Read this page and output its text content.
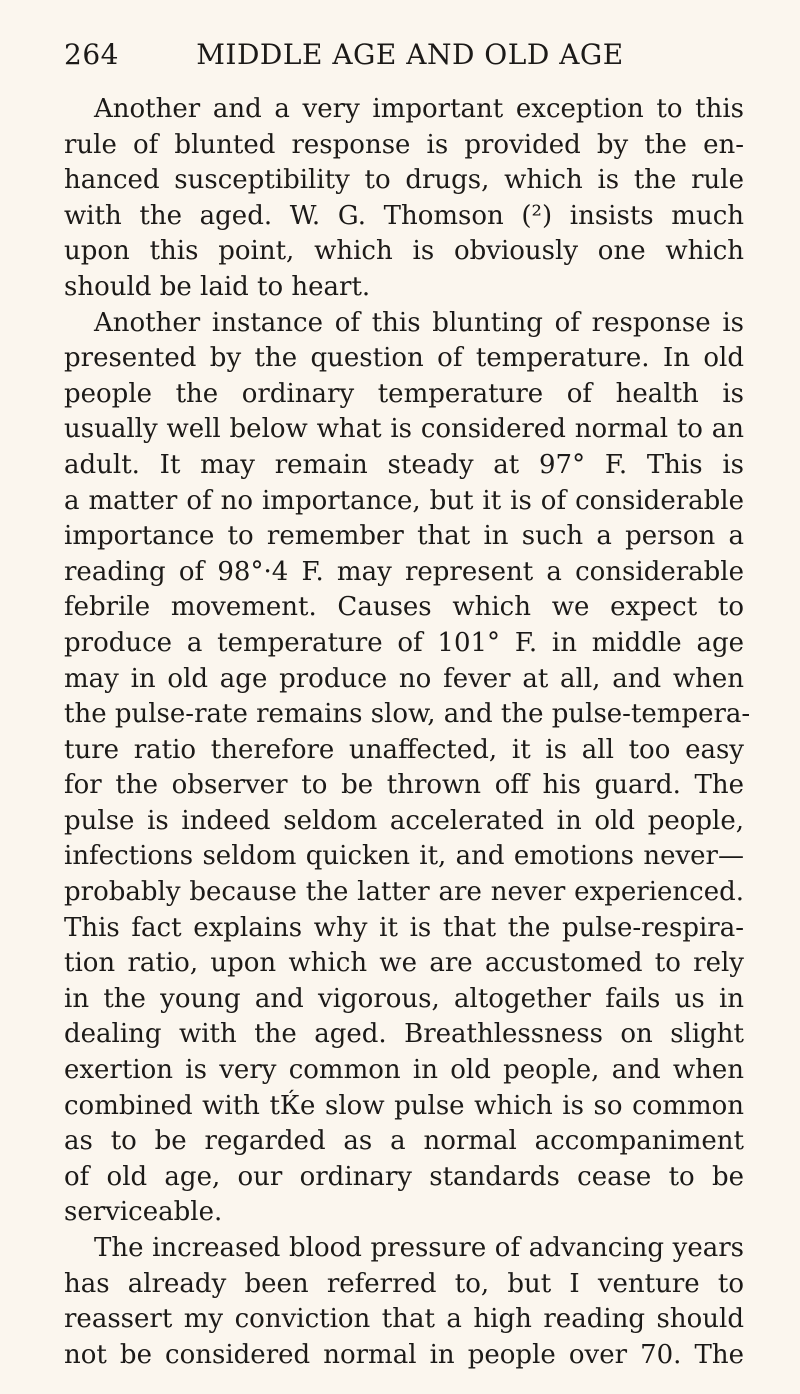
264	MIDDLE AGE AND OLD AGE
Another and a very important exception to this
rule of blunted response is provided by the en-
hanced susceptibility to drugs, which is the rule
with the aged. W. G. Thomson (²) insists much
upon this point, which is obviously one which
should be laid to heart.
Another instance of this blunting of response is
presented by the question of temperature. In old
people the ordinary temperature of health is
usually well below what is considered normal to an
adult. It may remain steady at 97° F. This is
a matter of no importance, but it is of considerable
importance to remember that in such a person a
reading of 98°·4 F. may represent a considerable
febrile movement. Causes which we expect to
produce a temperature of 101° F. in middle age
may in old age produce no fever at all, and when
the pulse-rate remains slow, and the pulse-tempera-
ture ratio therefore unaffected, it is all too easy
for the observer to be thrown off his guard. The
pulse is indeed seldom accelerated in old people,
infections seldom quicken it, and emotions never—
probably because the latter are never experienced.
This fact explains why it is that the pulse-respira-
tion ratio, upon which we are accustomed to rely
in the young and vigorous, altogether fails us in
dealing with the aged. Breathlessness on slight
exertion is very common in old people, and when
combined with tЌe slow pulse which is so common
as to be regarded as a normal accompaniment
of old age, our ordinary standards cease to be
serviceable.
The increased blood pressure of advancing years
has already been referred to, but I venture to
reassert my conviction that a high reading should
not be considered normal in people over 70. The
